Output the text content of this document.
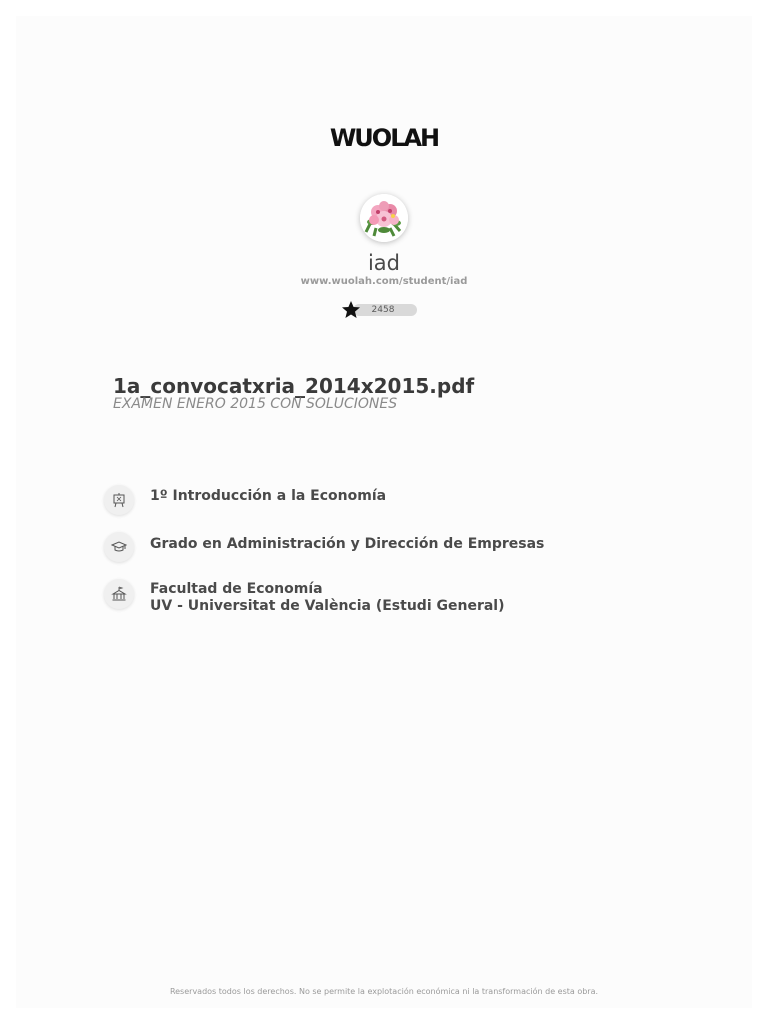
WUOLAH
iad
www.wuolah.com/student/iad
2458
1a_convocatxria_2014x2015.pdf
EXAMEN ENERO 2015 CON SOLUCIONES
1º Introducción a la Economía
Grado en Administración y Dirección de Empresas
Facultad de Economía
UV - Universitat de València (Estudi General)
Reservados todos los derechos. No se permite la explotación económica ni la transformación de esta obra.
